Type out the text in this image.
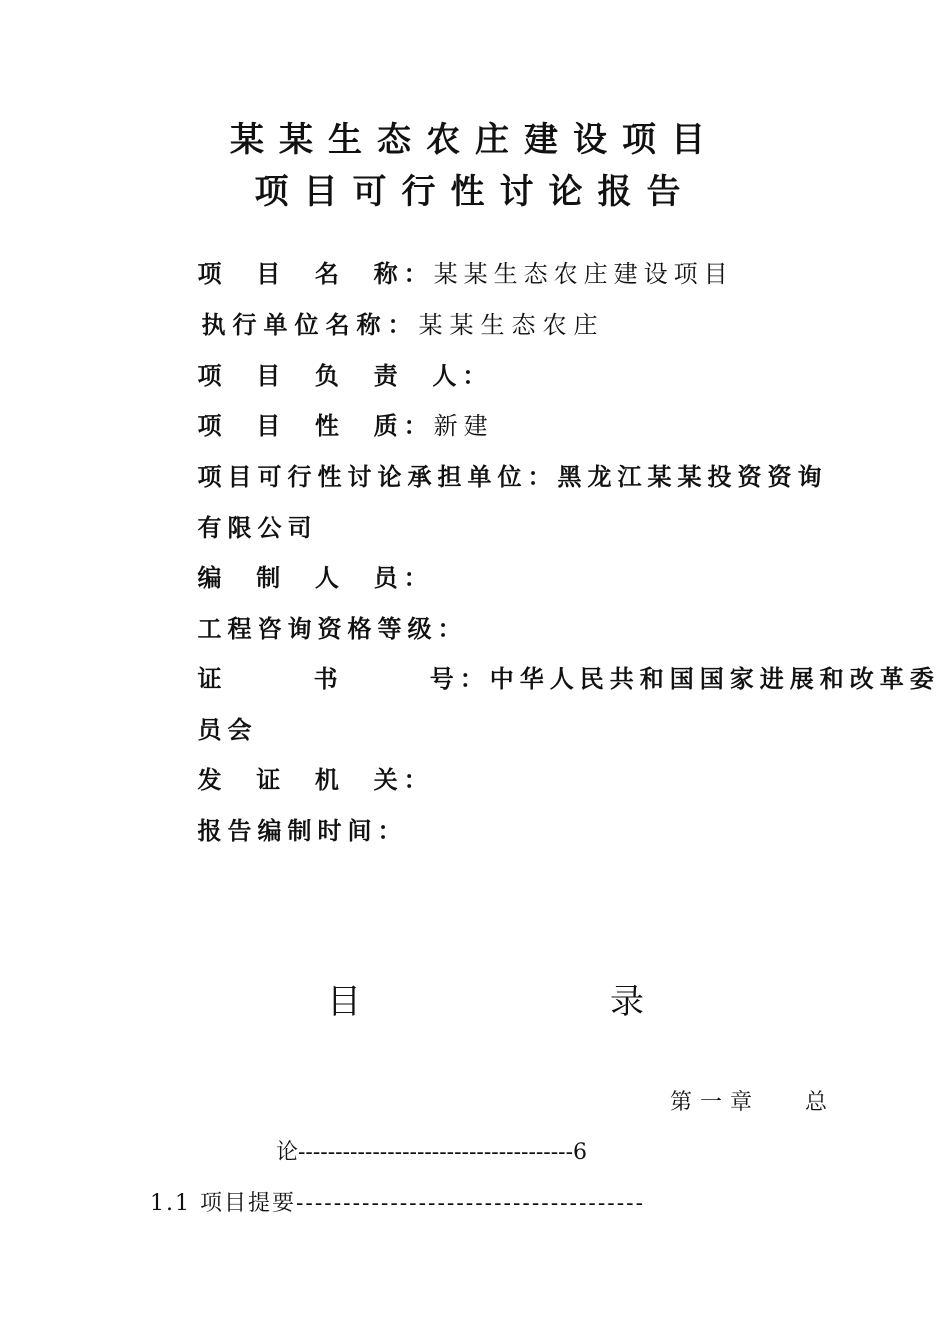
某某生态农庄建设项目
项目可行性讨论报告

项  目  名  称：某某生态农庄建设项目

执行单位名称：某某生态农庄

项  目  负  责  人：

项  目  性  质：新建

项目可行性讨论承担单位：黑龙江某某投资资询

有限公司

编  制  人  员：

工程咨询资格等级：

证      书      号：中华人民共和国国家进展和改革委

员会

发  证  机  关：

报告编制时间：

目	录
第一章   总
论-------------------------------------6
1.1 项目提要-------------------------------------
